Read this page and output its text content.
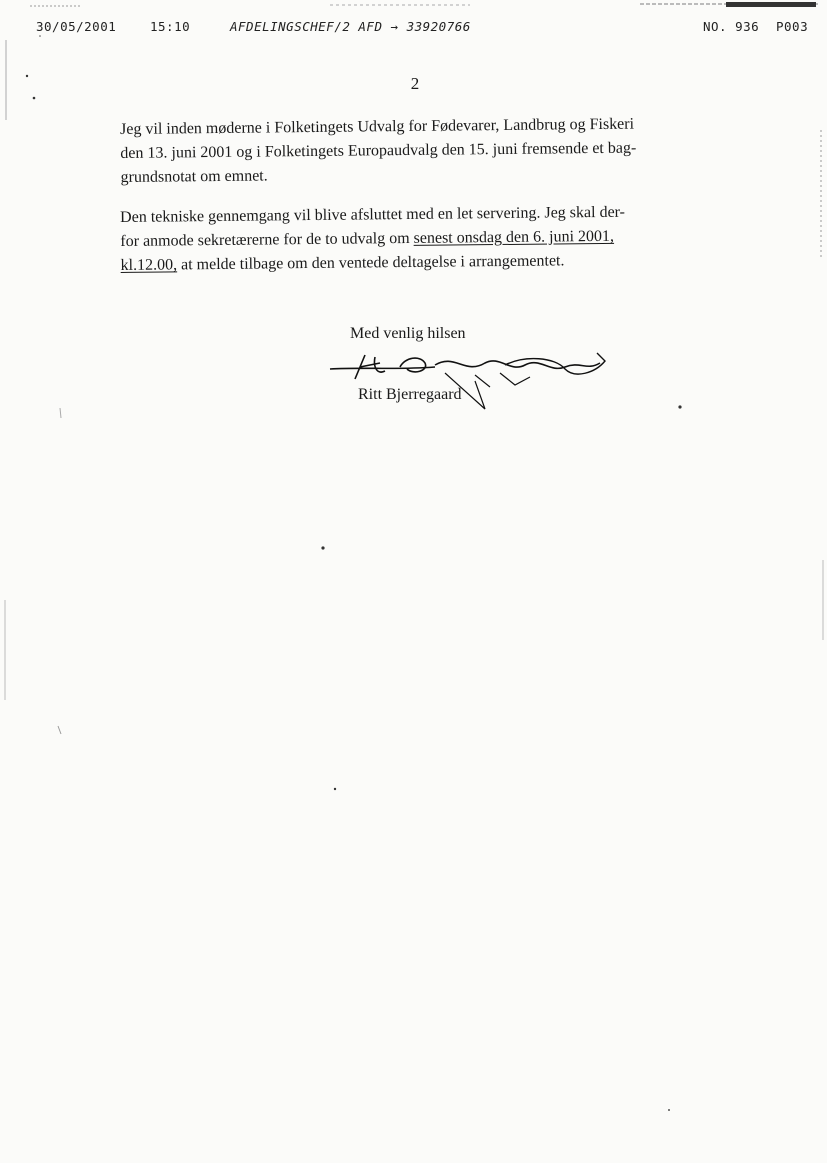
30/05/2001	15:10	AFDELINGSCHEF/2 AFD → 33920766	NO. 936 P003
2
Jeg vil inden møderne i Folketingets Udvalg for Fødevarer, Landbrug og Fiskeri
den 13. juni 2001 og i Folketingets Europaudvalg den 15. juni fremsende et bag-
grundsnotat om emnet.
Den tekniske gennemgang vil blive afsluttet med en let servering. Jeg skal der-
for anmode sekretærerne for de to udvalg om senest onsdag den 6. juni 2001,
kl.12.00, at melde tilbage om den ventede deltagelse i arrangementet.
Med venlig hilsen
Ritt Bjerregaard
